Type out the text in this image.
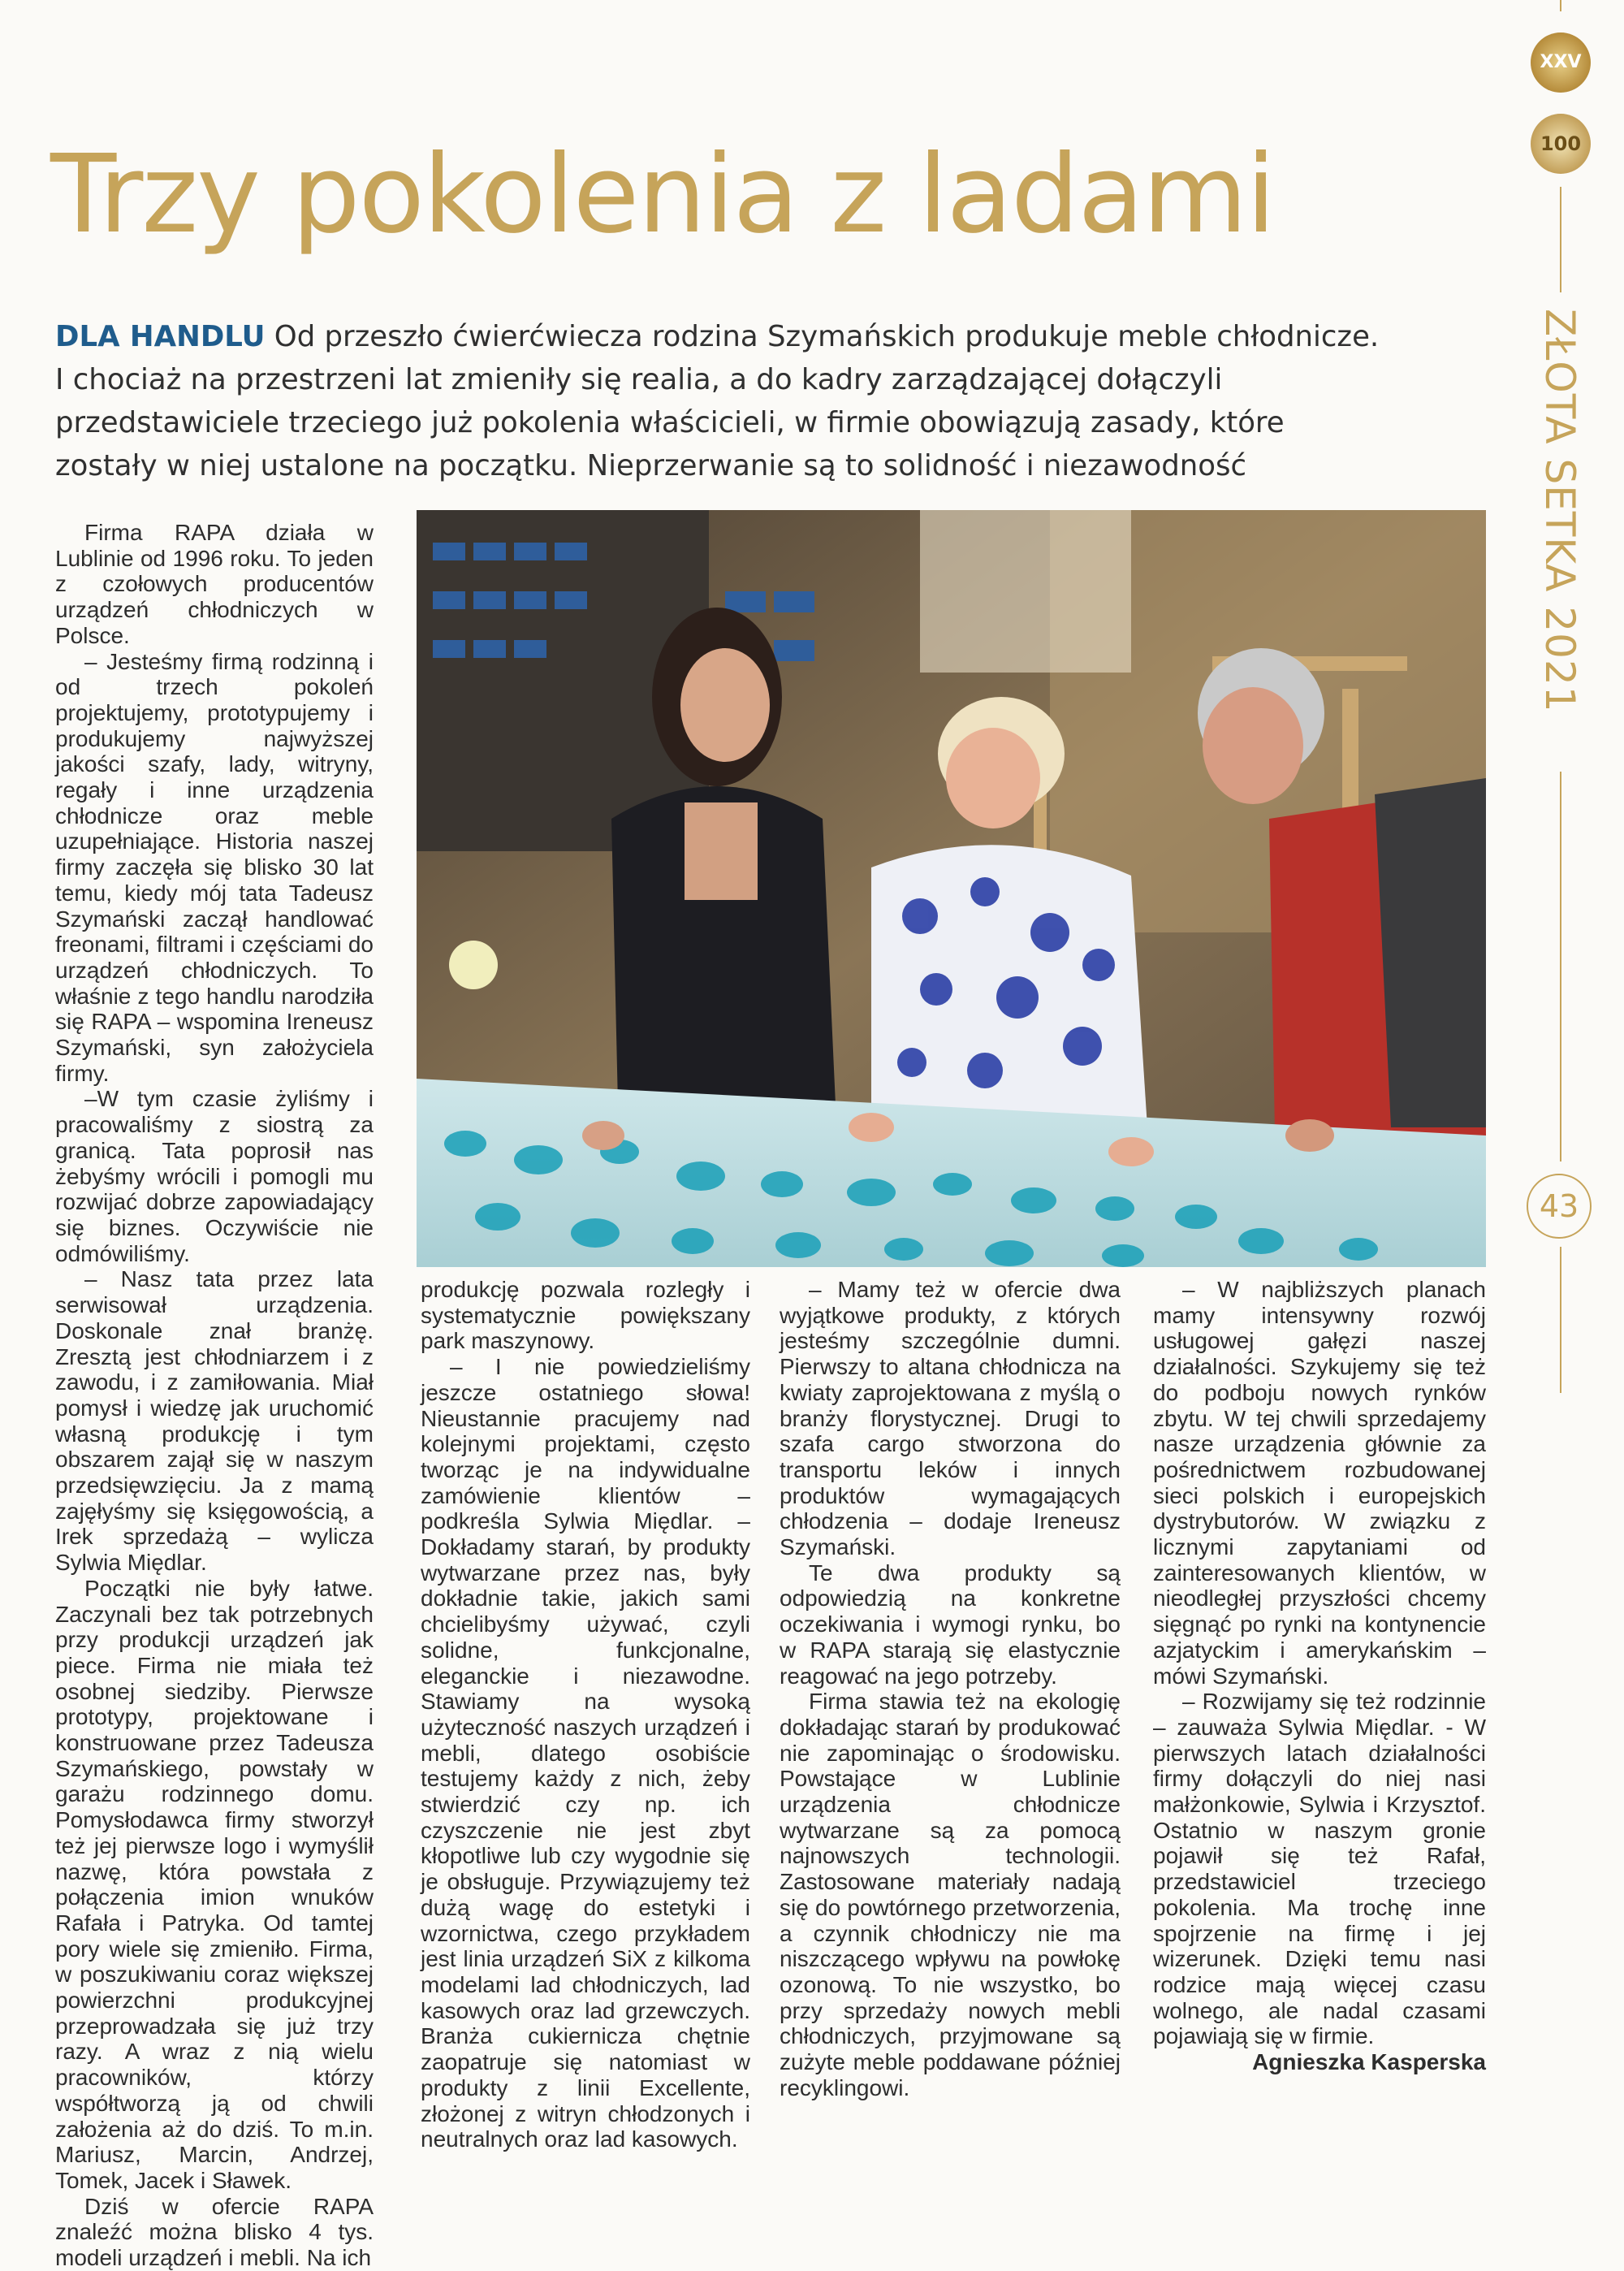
Trzy pokolenia z ladami
DLA HANDLU Od przeszło ćwierćwiecza rodzina Szymańskich produkuje meble chłodnicze. I chociaż na przestrzeni lat zmieniły się realia, a do kadry zarządzającej dołączyli przedstawiciele trzeciego już pokolenia właścicieli, w firmie obowiązują zasady, które zostały w niej ustalone na początku. Nieprzerwanie są to solidność i niezawodność

Firma RAPA działa w Lublinie od 1996 roku. To jeden z czołowych producentów urządzeń chłodniczych w Polsce.

– Jesteśmy firmą rodzinną i od trzech pokoleń projektujemy, prototypujemy i produkujemy najwyższej jakości szafy, lady, witryny, regały i inne urządzenia chłodnicze oraz meble uzupełniające. Historia naszej firmy zaczęła się blisko 30 lat temu, kiedy mój tata Tadeusz Szymański zaczął handlować freonami, filtrami i częściami do urządzeń chłodniczych. To właśnie z tego handlu narodziła się RAPA – wspomina Ireneusz Szymański, syn założyciela firmy.

–W tym czasie żyliśmy i pracowaliśmy z siostrą za granicą. Tata poprosił nas żebyśmy wrócili i pomogli mu rozwijać dobrze zapowiadający się biznes. Oczywiście nie odmówiliśmy.

– Nasz tata przez lata serwisował urządzenia. Doskonale znał branżę. Zresztą jest chłodniarzem i z zawodu, i z zamiłowania. Miał pomysł i wiedzę jak uruchomić własną produkcję i tym obszarem zajął się w naszym przedsięwzięciu. Ja z mamą zajęłyśmy się księgowością, a Irek sprzedażą – wylicza Sylwia Międlar.

Początki nie były łatwe. Zaczynali bez tak potrzebnych przy produkcji urządzeń jak piece. Firma nie miała też osobnej siedziby. Pierwsze prototypy, projektowane i konstruowane przez Tadeusza Szymańskiego, powstały w garażu rodzinnego domu. Pomysłodawca firmy stworzył też jej pierwsze logo i wymyślił nazwę, która powstała z połączenia imion wnuków Rafała i Patryka. Od tamtej pory wiele się zmieniło. Firma, w poszukiwaniu coraz większej powierzchni produkcyjnej przeprowadzała się już trzy razy. A wraz z nią wielu pracowników, którzy współtworzą ją od chwili założenia aż do dziś. To m.in. Mariusz, Marcin, Andrzej, Tomek, Jacek i Sławek.

Dziś w ofercie RAPA znaleźć można blisko 4 tys. modeli urządzeń i mebli. Na ich

produkcję pozwala rozległy i systematycznie powiększany park maszynowy.

– I nie powiedzieliśmy jeszcze ostatniego słowa! Nieustannie pracujemy nad kolejnymi projektami, często tworząc je na indywidualne zamówienie klientów – podkreśla Sylwia Międlar. – Dokładamy starań, by produkty wytwarzane przez nas, były dokładnie takie, jakich sami chcielibyśmy używać, czyli solidne, funkcjonalne, eleganckie i niezawodne. Stawiamy na wysoką użyteczność naszych urządzeń i mebli, dlatego osobiście testujemy każdy z nich, żeby stwierdzić czy np. ich czyszczenie nie jest zbyt kłopotliwe lub czy wygodnie się je obsługuje. Przywiązujemy też dużą wagę do estetyki i wzornictwa, czego przykładem jest linia urządzeń SiX z kilkoma modelami lad chłodniczych, lad kasowych oraz lad grzewczych. Branża cukiernicza chętnie zaopatruje się natomiast w produkty z linii Excellente, złożonej z witryn chłodzonych i neutralnych oraz lad kasowych.

– Mamy też w ofercie dwa wyjątkowe produkty, z których jesteśmy szczególnie dumni. Pierwszy to altana chłodnicza na kwiaty zaprojektowana z myślą o branży florystycznej. Drugi to szafa cargo stworzona do transportu leków i innych produktów wymagających chłodzenia – dodaje Ireneusz Szymański.

Te dwa produkty są odpowiedzią na konkretne oczekiwania i wymogi rynku, bo w RAPA starają się elastycznie reagować na jego potrzeby.

Firma stawia też na ekologię dokładając starań by produkować nie zapominając o środowisku. Powstające w Lublinie urządzenia chłodnicze wytwarzane są za pomocą najnowszych technologii. Zastosowane materiały nadają się do powtórnego przetworzenia, a czynnik chłodniczy nie ma niszczącego wpływu na powłokę ozonową. To nie wszystko, bo przy sprzedaży nowych mebli chłodniczych, przyjmowane są zużyte meble poddawane później recyklingowi.

– W najbliższych planach mamy intensywny rozwój usługowej gałęzi naszej działalności. Szykujemy się też do podboju nowych rynków zbytu. W tej chwili sprzedajemy nasze urządzenia głównie za pośrednictwem rozbudowanej sieci polskich i europejskich dystrybutorów. W związku z licznymi zapytaniami od zainteresowanych klientów, w nieodległej przyszłości chcemy sięgnąć po rynki na kontynencie azjatyckim i amerykańskim – mówi Szymański.

– Rozwijamy się też rodzinnie – zauważa Sylwia Międlar. - W pierwszych latach działalności firmy dołączyli do niej nasi małżonkowie, Sylwia i Krzysztof. Ostatnio w naszym gronie pojawił się też Rafał, przedstawiciel trzeciego pokolenia. Ma trochę inne spojrzenie na firmę i jej wizerunek. Dzięki temu nasi rodzice mają więcej czasu wolnego, ale nadal czasami pojawiają się w firmie.

Agnieszka Kasperska

XXV
100
ZŁOTA SETKA 2021
43
